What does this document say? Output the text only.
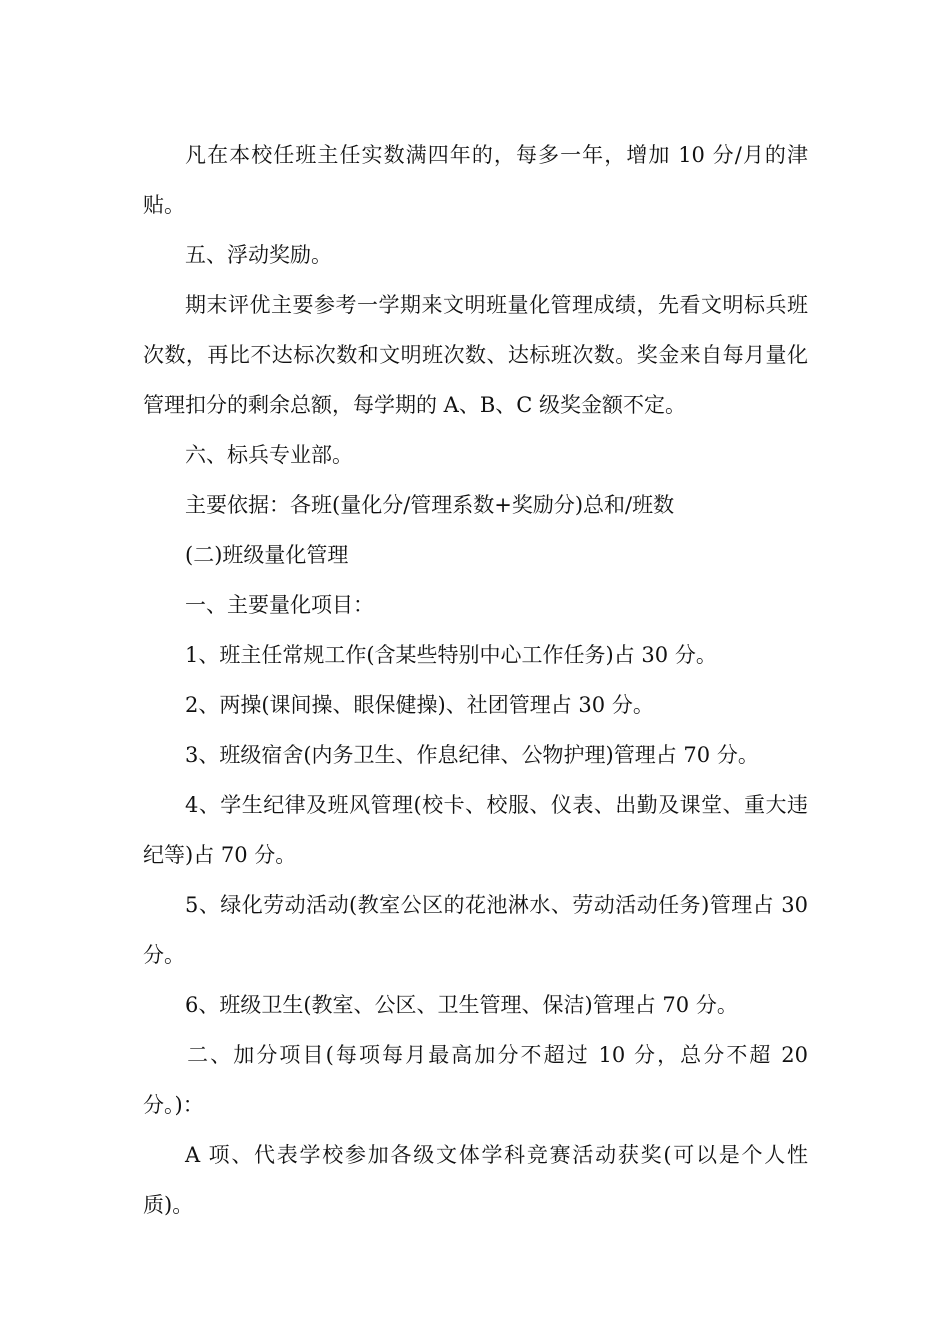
凡在本校任班主任实数满四年的，每多一年，增加 10 分/月的津贴。

五、浮动奖励。

期末评优主要参考一学期来文明班量化管理成绩，先看文明标兵班次数，再比不达标次数和文明班次数、达标班次数。奖金来自每月量化管理扣分的剩余总额，每学期的 A、B、C 级奖金额不定。

六、标兵专业部。

主要依据：各班(量化分/管理系数+奖励分)总和/班数

(二)班级量化管理

一、主要量化项目：

1、班主任常规工作(含某些特别中心工作任务)占 30 分。

2、两操(课间操、眼保健操)、社团管理占 30 分。

3、班级宿舍(内务卫生、作息纪律、公物护理)管理占 70 分。

4、学生纪律及班风管理(校卡、校服、仪表、出勤及课堂、重大违纪等)占 70 分。

5、绿化劳动活动(教室公区的花池淋水、劳动活动任务)管理占 30 分。

6、班级卫生(教室、公区、卫生管理、保洁)管理占 70 分。

二、加分项目(每项每月最高加分不超过 10 分，总分不超 20 分。)：

A 项、代表学校参加各级文体学科竞赛活动获奖(可以是个人性质)。
